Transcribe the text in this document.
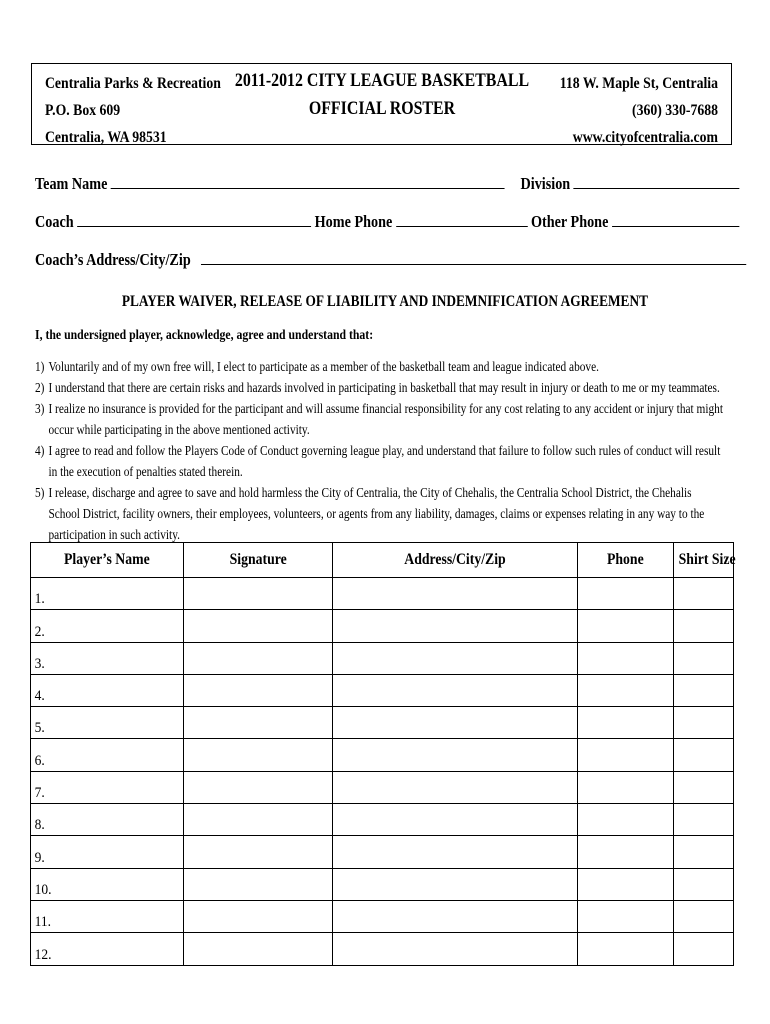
Centralia Parks & Recreation
P.O. Box 609
Centralia, WA 98531
2011-2012 CITY LEAGUE BASKETBALL
OFFICIAL ROSTER
118 W. Maple St, Centralia
(360) 330-7688
www.cityofcentralia.com
Team Name	Division
Coach	Home Phone	Other Phone
Coach’s Address/City/Zip
PLAYER WAIVER, RELEASE OF LIABILITY AND INDEMNIFICATION AGREEMENT
I, the undersigned player, acknowledge, agree and understand that:
1) Voluntarily and of my own free will, I elect to participate as a member of the basketball team and league indicated above.
2) I understand that there are certain risks and hazards involved in participating in basketball that may result in injury or death to me or my teammates.
3) I realize no insurance is provided for the participant and will assume financial responsibility for any cost relating to any accident or injury that might occur while participating in the above mentioned activity.
4) I agree to read and follow the Players Code of Conduct governing league play, and understand that failure to follow such rules of conduct will result in the execution of penalties stated therein.
5) I release, discharge and agree to save and hold harmless the City of Centralia, the City of Chehalis, the Centralia School District, the Chehalis School District, facility owners, their employees, volunteers, or agents from any liability, damages, claims or expenses relating in any way to the participation in such activity.
Player’s Name	Signature	Address/City/Zip	Phone	Shirt Size
1.				
2.				
3.				
4.				
5.				
6.				
7.				
8.				
9.				
10.				
11.				
12.				
